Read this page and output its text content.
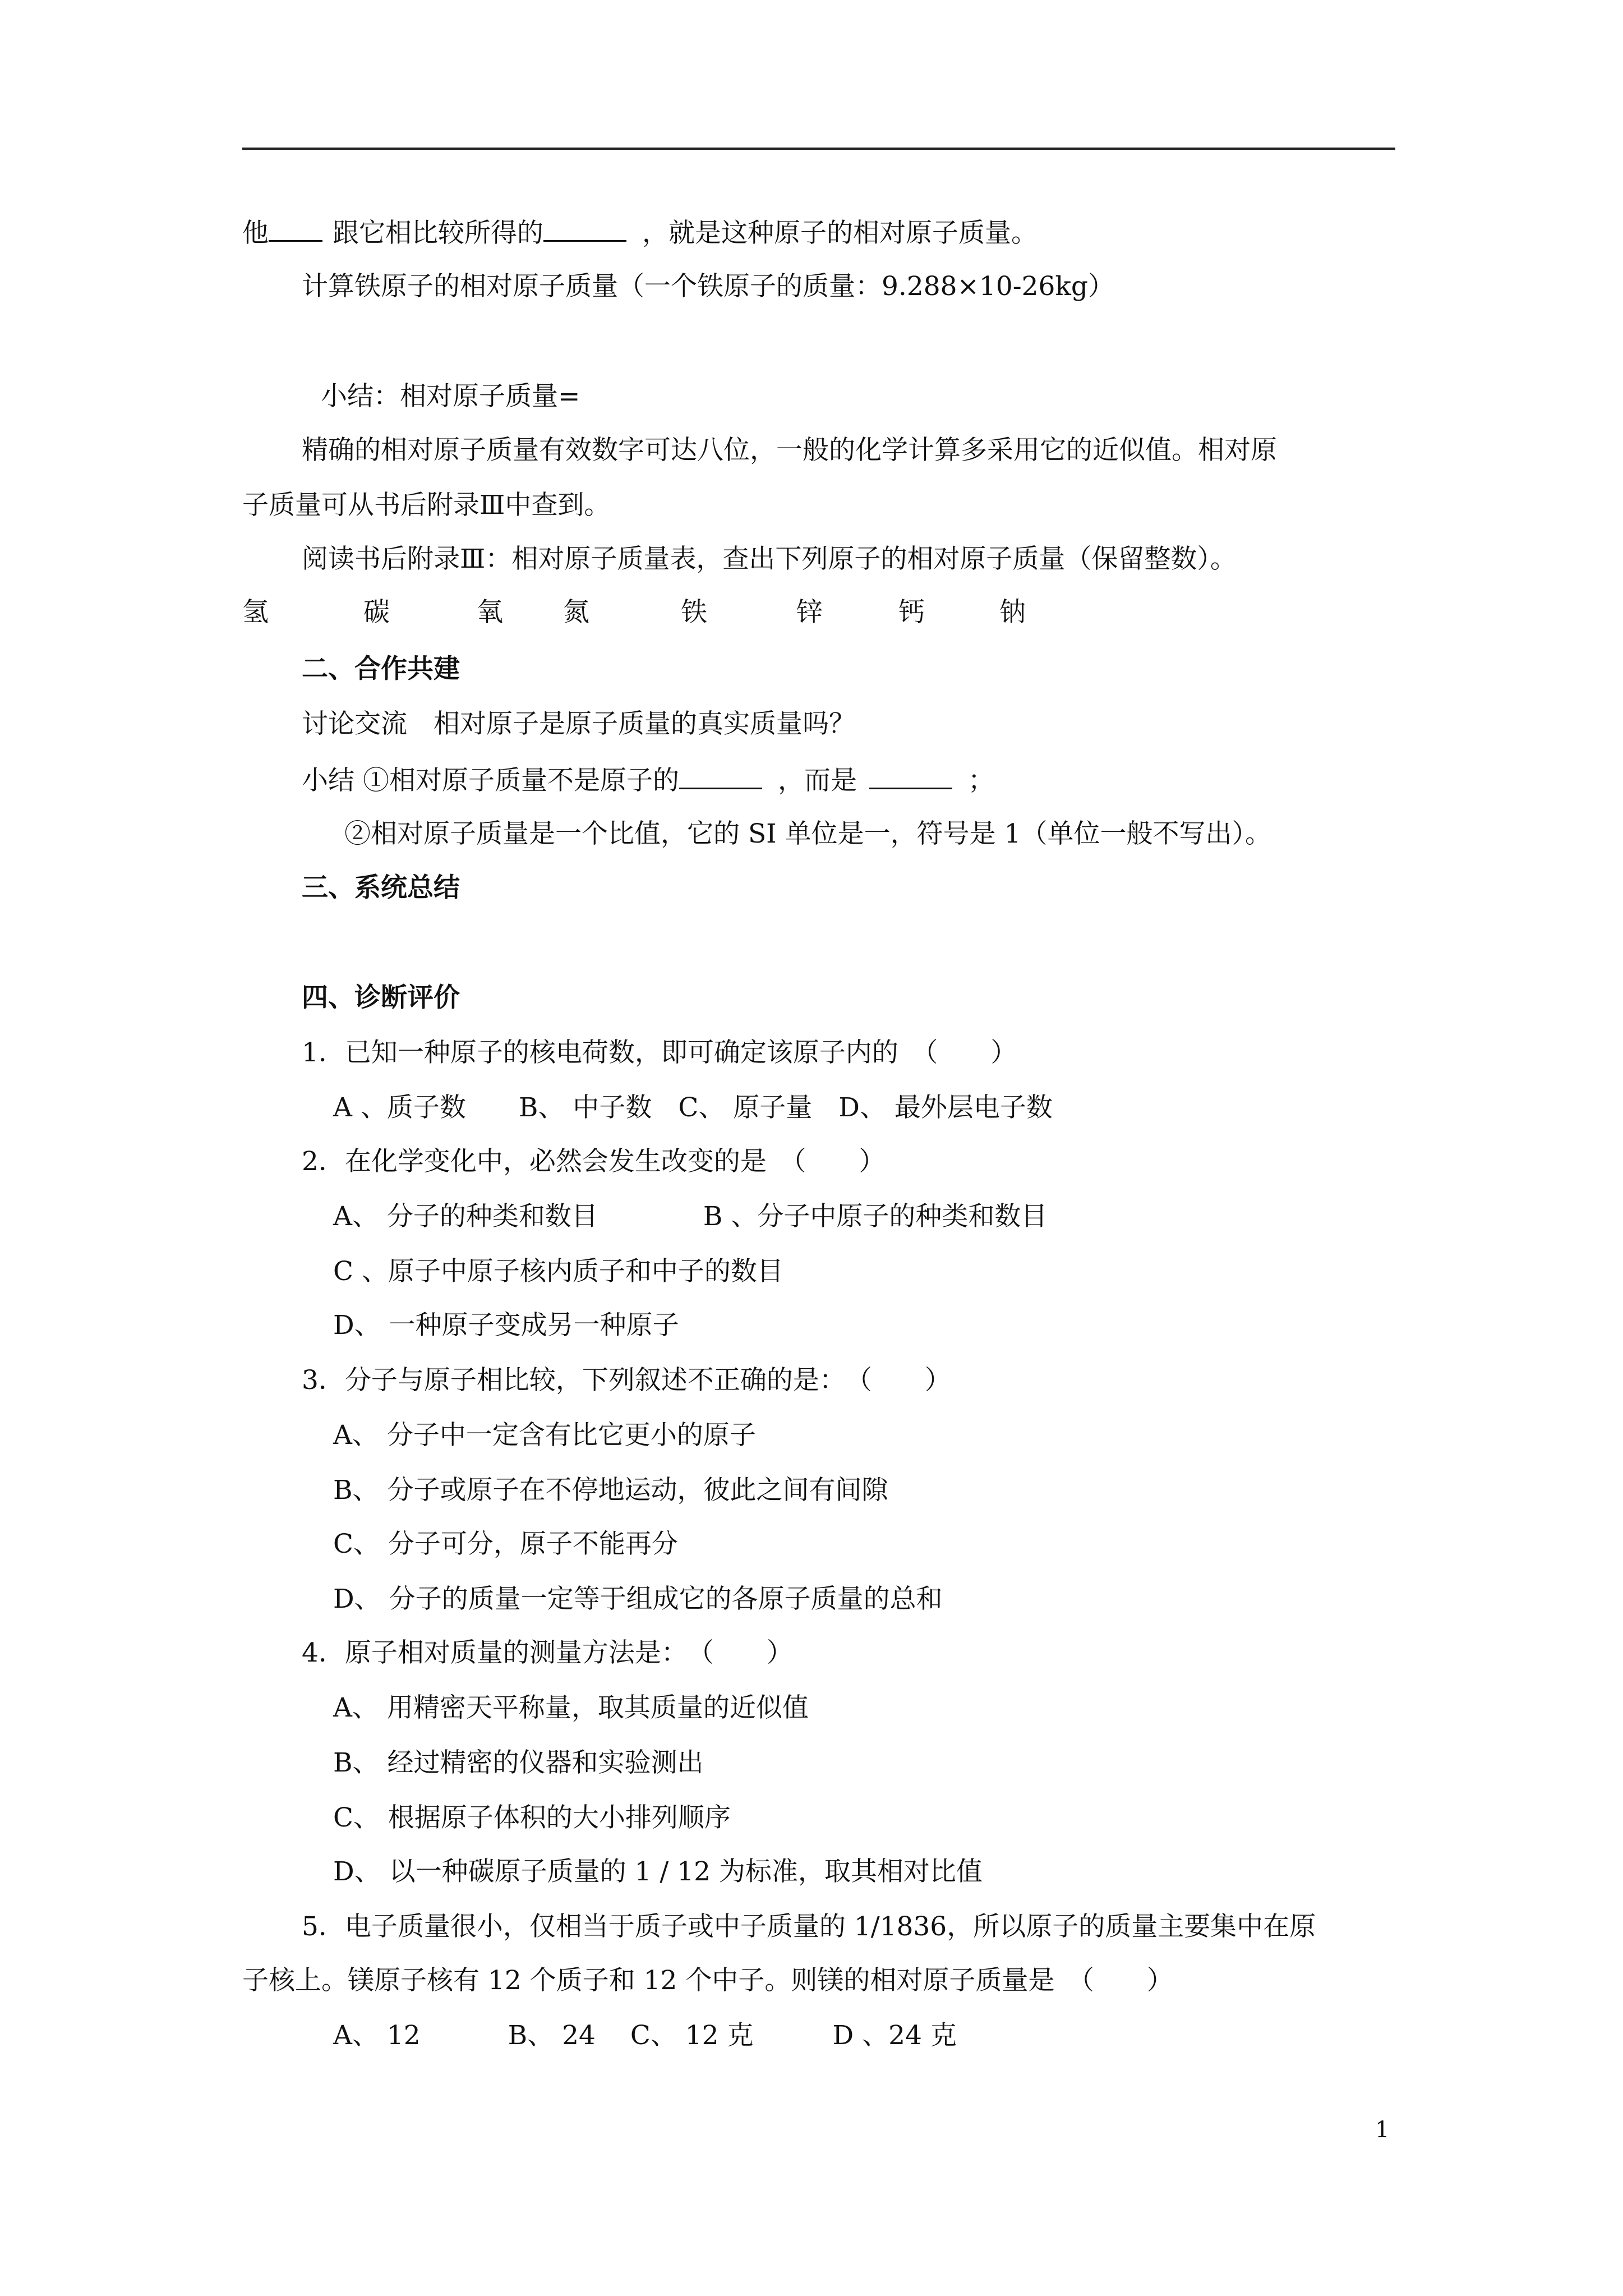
他 跟它相比较所得的	，就是这种原子的相对原子质量。
计算铁原子的相对原子质量（一个铁原子的质量：9.288×10-26kg）
小结：相对原子质量=
精确的相对原子质量有效数字可达八位，一般的化学计算多采用它的近似值。相对原
子质量可从书后附录Ⅲ中查到。
阅读书后附录Ⅲ：相对原子质量表，查出下列原子的相对原子质量（保留整数）。
氢	碳	氧 氮	铁	锌	钙	钠
二、合作共建
讨论交流　相对原子是原子质量的真实质量吗？
小结 ①相对原子质量不是原子的	，而是	；
②相对原子质量是一个比值，它的 SI 单位是一，符号是 1（单位一般不写出）。
三、系统总结
四、诊断评价
1．已知一种原子的核电荷数，即可确定该原子内的　（　　）
A 、质子数　　B、 中子数　C、 原子量　D、 最外层电子数
2．在化学变化中，必然会发生改变的是　（　　）
A、 分子的种类和数目　　　　B 、分子中原子的种类和数目
C 、原子中原子核内质子和中子的数目
D、 一种原子变成另一种原子
3．分子与原子相比较，下列叙述不正确的是：　（　　）
A、 分子中一定含有比它更小的原子
B、 分子或原子在不停地运动，彼此之间有间隙
C、 分子可分，原子不能再分
D、 分子的质量一定等于组成它的各原子质量的总和
4．原子相对质量的测量方法是：　（　　）
A、 用精密天平称量，取其质量的近似值
B、 经过精密的仪器和实验测出
C、 根据原子体积的大小排列顺序
D、 以一种碳原子质量的 1 / 12 为标准，取其相对比值
5．电子质量很小，仅相当于质子或中子质量的 1/1836，所以原子的质量主要集中在原
子核上。镁原子核有 12 个质子和 12 个中子。则镁的相对原子质量是　（　　）
A、 12　　　 B、 24　 C、 12 克　　　D 、24 克
1
